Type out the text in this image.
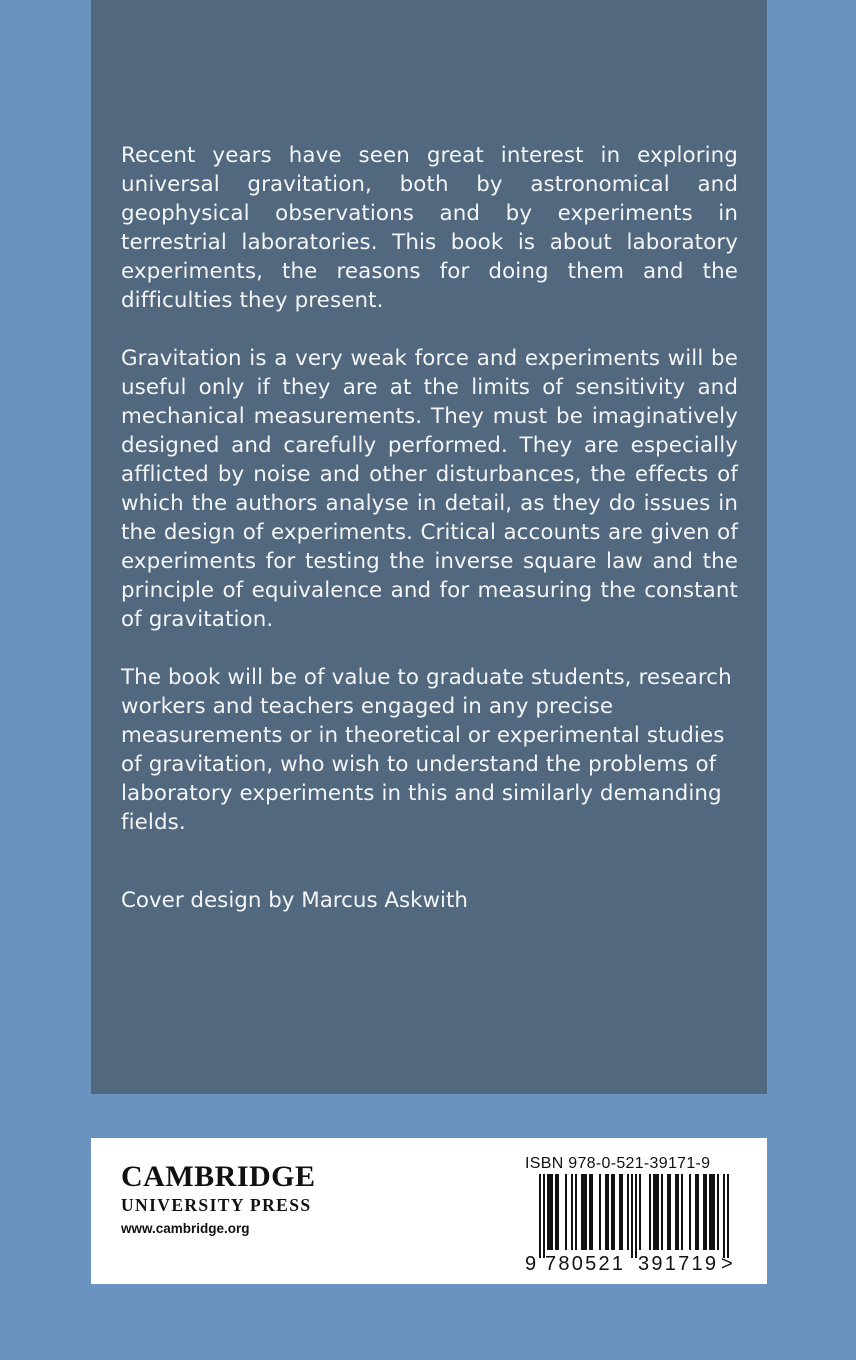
Recent years have seen great interest in exploring universal gravitation, both by astronomical and geophysical observations and by experiments in terrestrial laboratories. This book is about laboratory experiments, the reasons for doing them and the difficulties they present.

Gravitation is a very weak force and experiments will be useful only if they are at the limits of sensitivity and mechanical measurements. They must be imaginatively designed and carefully performed. They are especially afflicted by noise and other disturbances, the effects of which the authors analyse in detail, as they do issues in the design of experiments. Critical accounts are given of experiments for testing the inverse square law and the principle of equivalence and for measuring the constant of gravitation.

The book will be of value to graduate students, research workers and teachers engaged in any precise measurements or in theoretical or experimental studies of gravitation, who wish to understand the problems of laboratory experiments in this and similarly demanding fields.

Cover design by Marcus Askwith
CAMBRIDGE
UNIVERSITY PRESS
www.cambridge.org
ISBN 978-0-521-39171-9
9 780521 391719 >
